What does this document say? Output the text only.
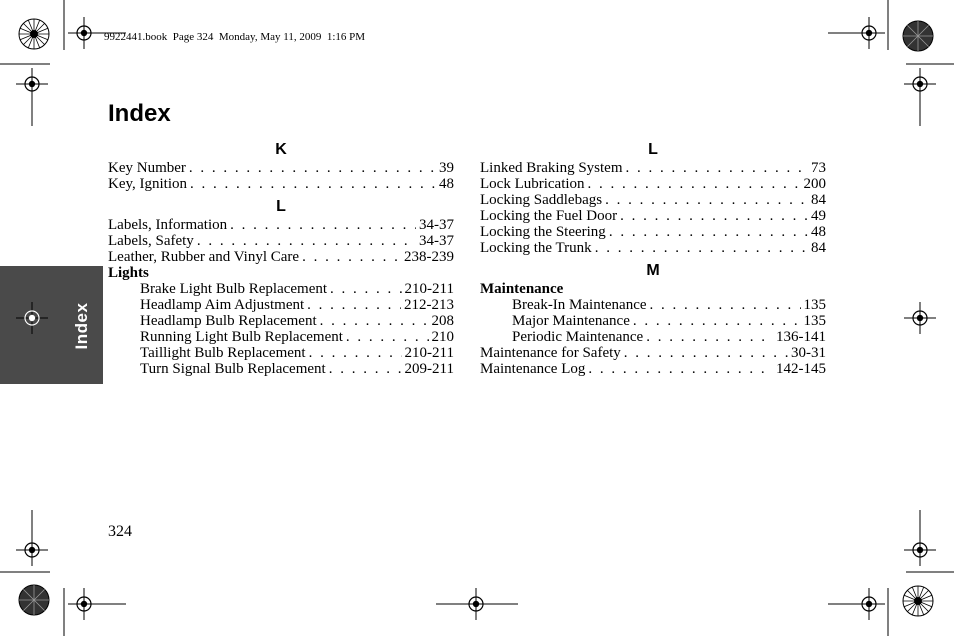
9922441.book  Page 324  Monday, May 11, 2009  1:16 PM
Index
Index
K
Key Number . . .	39
Key, Ignition . . .	48
L
Labels, Information . . .	34-37
Labels, Safety . . .	34-37
Leather, Rubber and Vinyl Care . . .	238-239
Lights
Brake Light Bulb Replacement . . .	210-211
Headlamp Aim Adjustment . . .	212-213
Headlamp Bulb Replacement . . .	208
Running Light Bulb Replacement . . .	210
Taillight Bulb Replacement . . .	210-211
Turn Signal Bulb Replacement . . .	209-211
L
Linked Braking System . . .	73
Lock Lubrication . . .	200
Locking Saddlebags . . .	84
Locking the Fuel Door . . .	49
Locking the Steering . . .	48
Locking the Trunk . . .	84
M
Maintenance
Break-In Maintenance . . .	135
Major Maintenance . . .	135
Periodic Maintenance . . .	136-141
Maintenance for Safety . . .	30-31
Maintenance Log . . .	142-145
324
